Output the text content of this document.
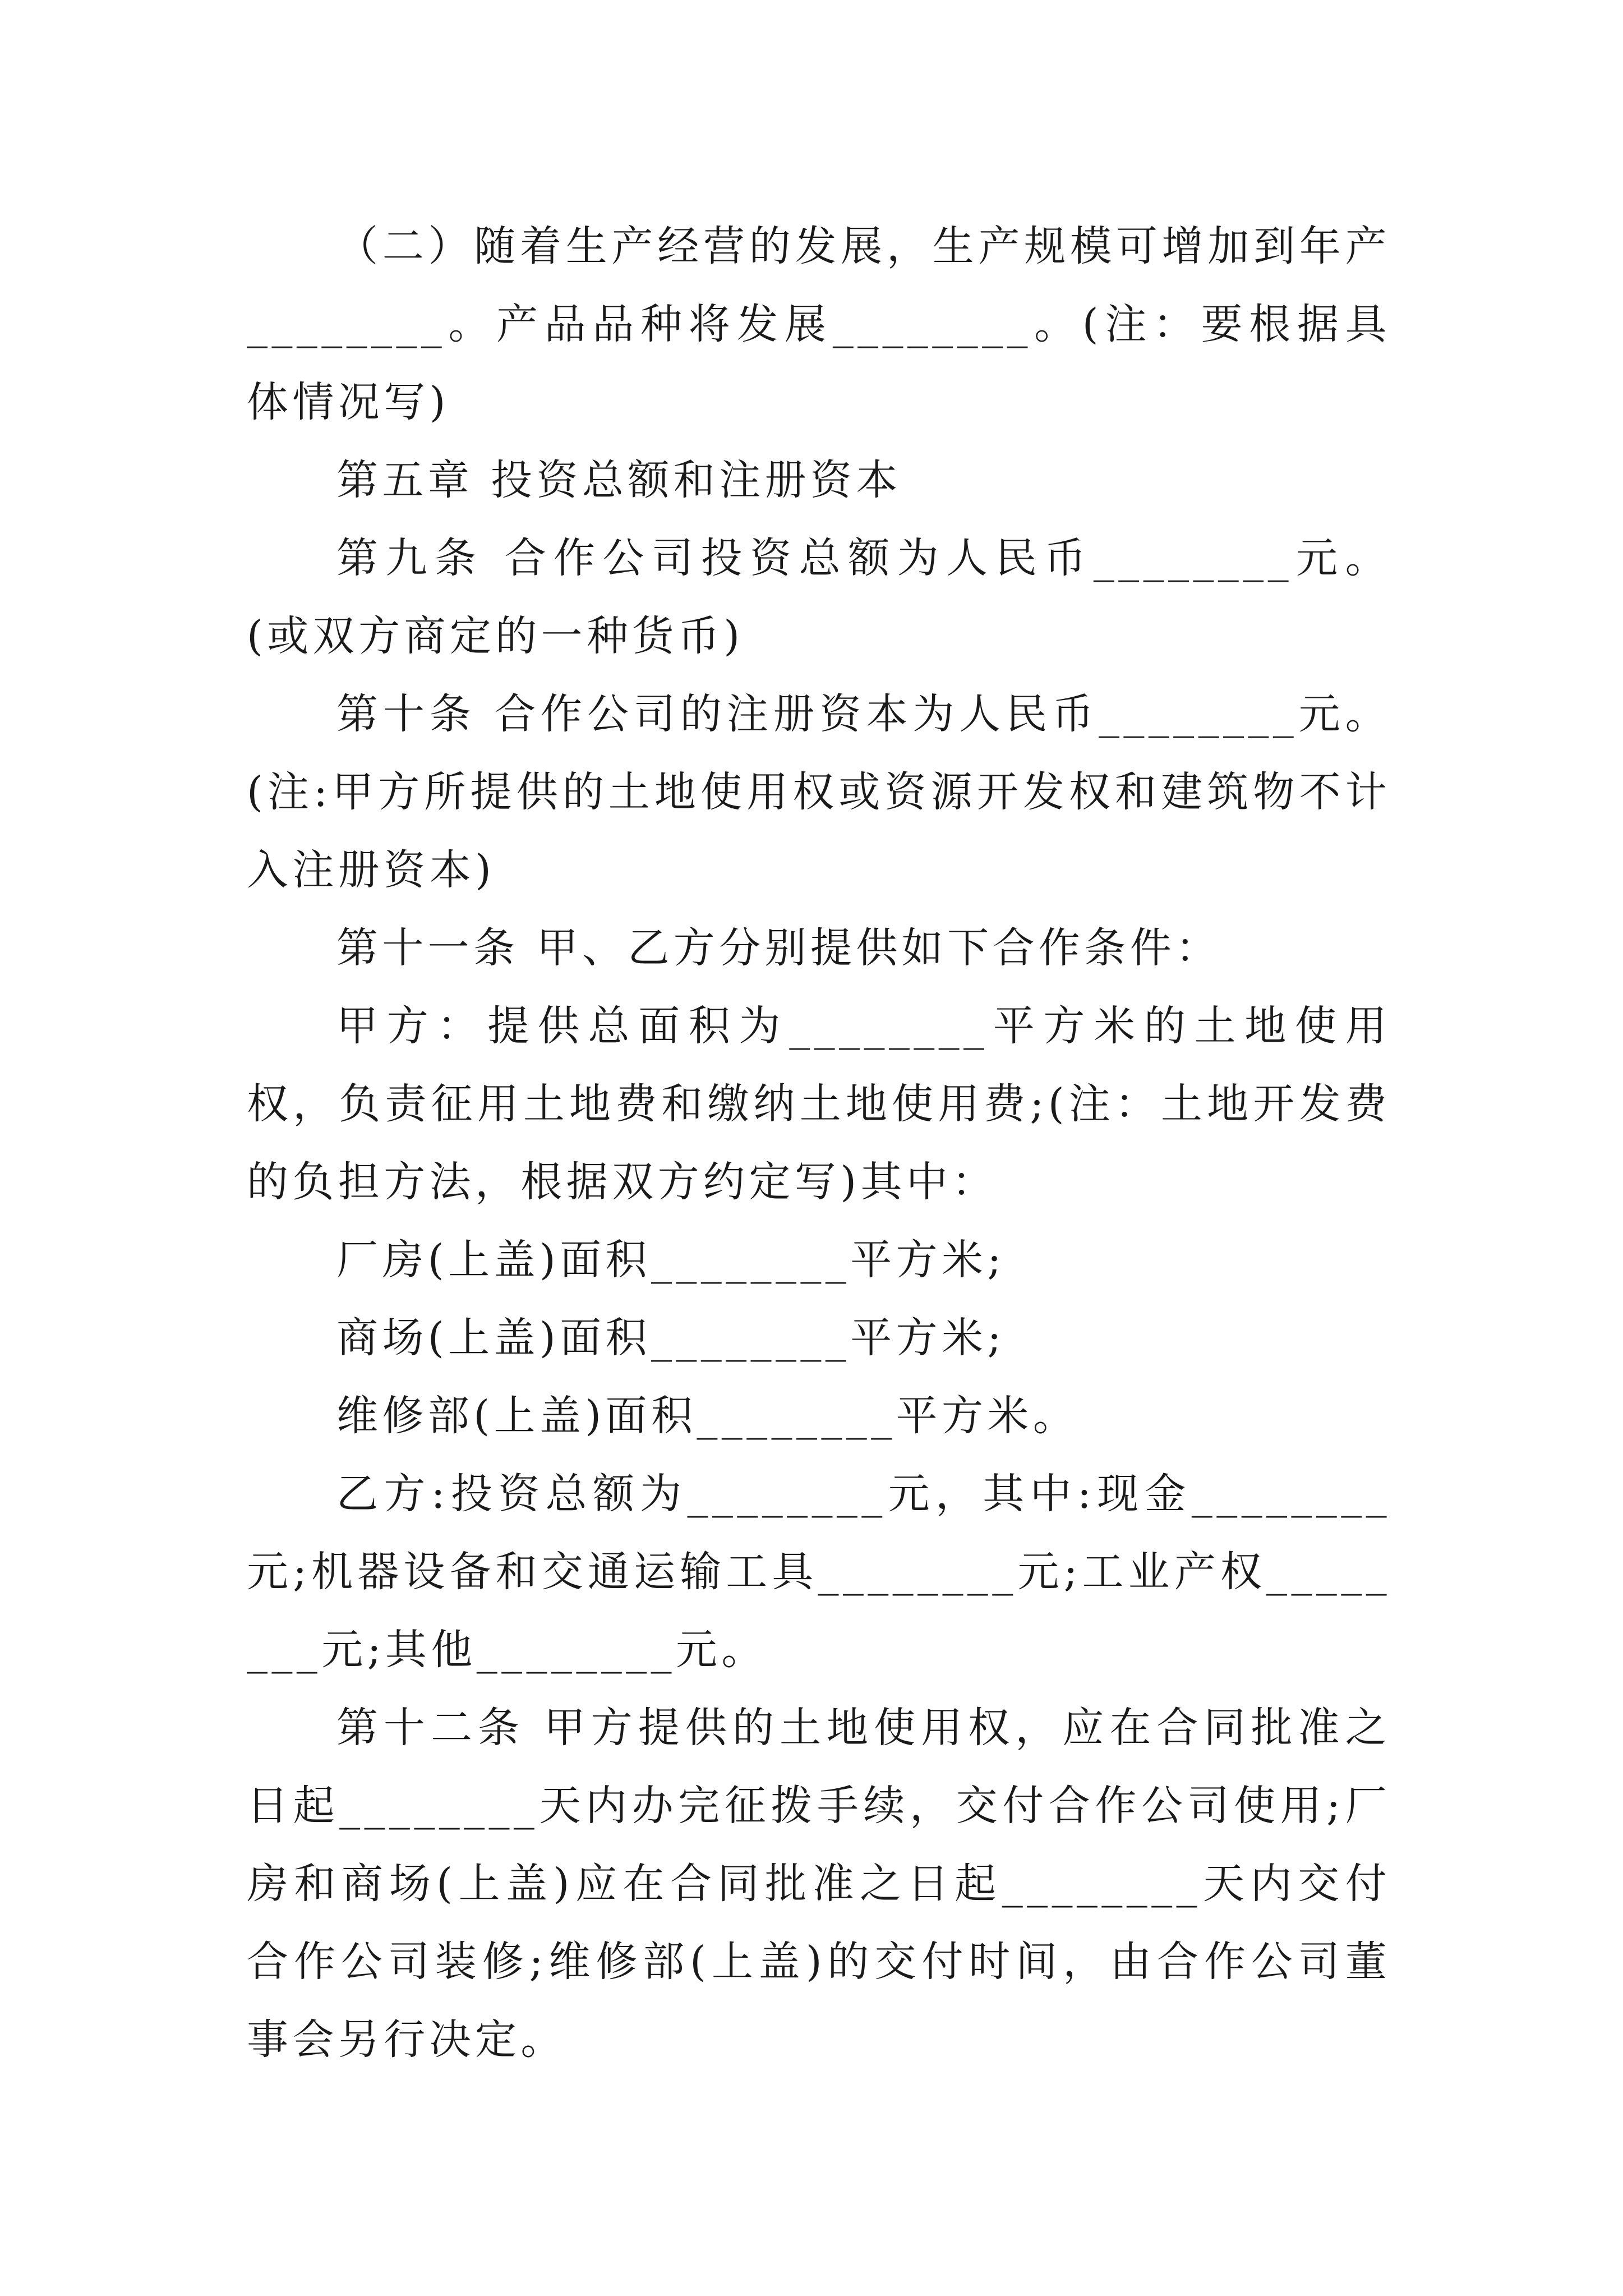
（二）随着生产经营的发展，生产规模可增加到年产________。产品品种将发展________。(注：要根据具体情况写)

第五章 投资总额和注册资本

第九条 合作公司投资总额为人民币________元。(或双方商定的一种货币)

第十条 合作公司的注册资本为人民币________元。(注:甲方所提供的土地使用权或资源开发权和建筑物不计入注册资本)

第十一条 甲、乙方分别提供如下合作条件：

甲方：提供总面积为________平方米的土地使用权，负责征用土地费和缴纳土地使用费;(注：土地开发费的负担方法，根据双方约定写)其中：

厂房(上盖)面积________平方米;

商场(上盖)面积________平方米;

维修部(上盖)面积________平方米。

乙方:投资总额为________元，其中:现金________元;机器设备和交通运输工具________元;工业产权________元;其他________元。

第十二条 甲方提供的土地使用权，应在合同批准之日起________天内办完征拨手续，交付合作公司使用;厂房和商场(上盖)应在合同批准之日起________天内交付合作公司装修;维修部(上盖)的交付时间，由合作公司董事会另行决定。
